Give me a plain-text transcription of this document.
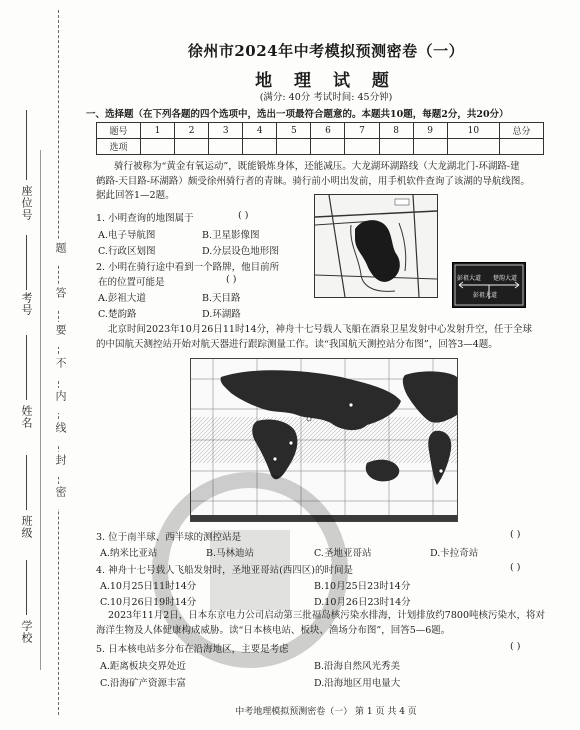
座位号
考号
姓名
班级
学校
题
答
要
不
内
线
封
密
徐州市2024年中考模拟预测密卷（一）
地 理 试 题
(满分: 40分 考试时间: 45分钟)
一、选择题（在下列各题的四个选项中，选出一项最符合题意的。本题共10题，每题2分，共20分）
题号	1	2	3	4	5	6	7	8	9	10	总分
选项											
骑行被称为“黄金有氧运动”，既能锻炼身体，还能减压。大龙湖环湖路线（大龙湖北门-环湖路-建
鹤路-天目路-环湖路）颇受徐州骑行者的青睐。骑行前小明出发前，用手机软件查询了该湖的导航线图。
据此回答1—2题。
1. 小明查询的地图属于	( )
A.电子导航图	B.卫星影像图
C.行政区划图	D.分层设色地形图
2. 小明在骑行途中看到一个路牌，他目前所
在的位置可能是	( )
A.彭祖大道	B.天目路
C.楚韵路	D.环湖路
彭祖大道 楚韵大道
彭祖大道
北京时间2023年10月26日11时14分，神舟十七号载人飞船在酒泉卫星发射中心发射升空，任于全球
的中国航天测控站开始对航天器进行跟踪测量工作。读“我国航天测控站分布图”，回答3—4题。
3. 位于南半球、西半球的测控站是	( )
A.纳米比亚站	B.马林迪站	C.圣地亚哥站	D.卡拉奇站
4. 神舟十七号载人飞船发射时，圣地亚哥站(西四区)的时间是	( )
A.10月25日11时14分	B.10月25日23时14分
C.10月26日19时14分	D.10月26日23时14分
2023年11月2日，日本东京电力公司启动第三批福岛核污染水排海，计划排放约7800吨核污染水，将对
海洋生物及人体健康构成威胁。读“日本核电站、板块、渔场分布图”，回答5—6题。
5. 日本核电站多分布在沿海地区，主要是考虑	( )
A.距离板块交界处近	B.沿海自然风光秀美
C.沿海矿产资源丰富	D.沿海地区用电量大
中考地理模拟预测密卷（一） 第 1 页 共 4 页
